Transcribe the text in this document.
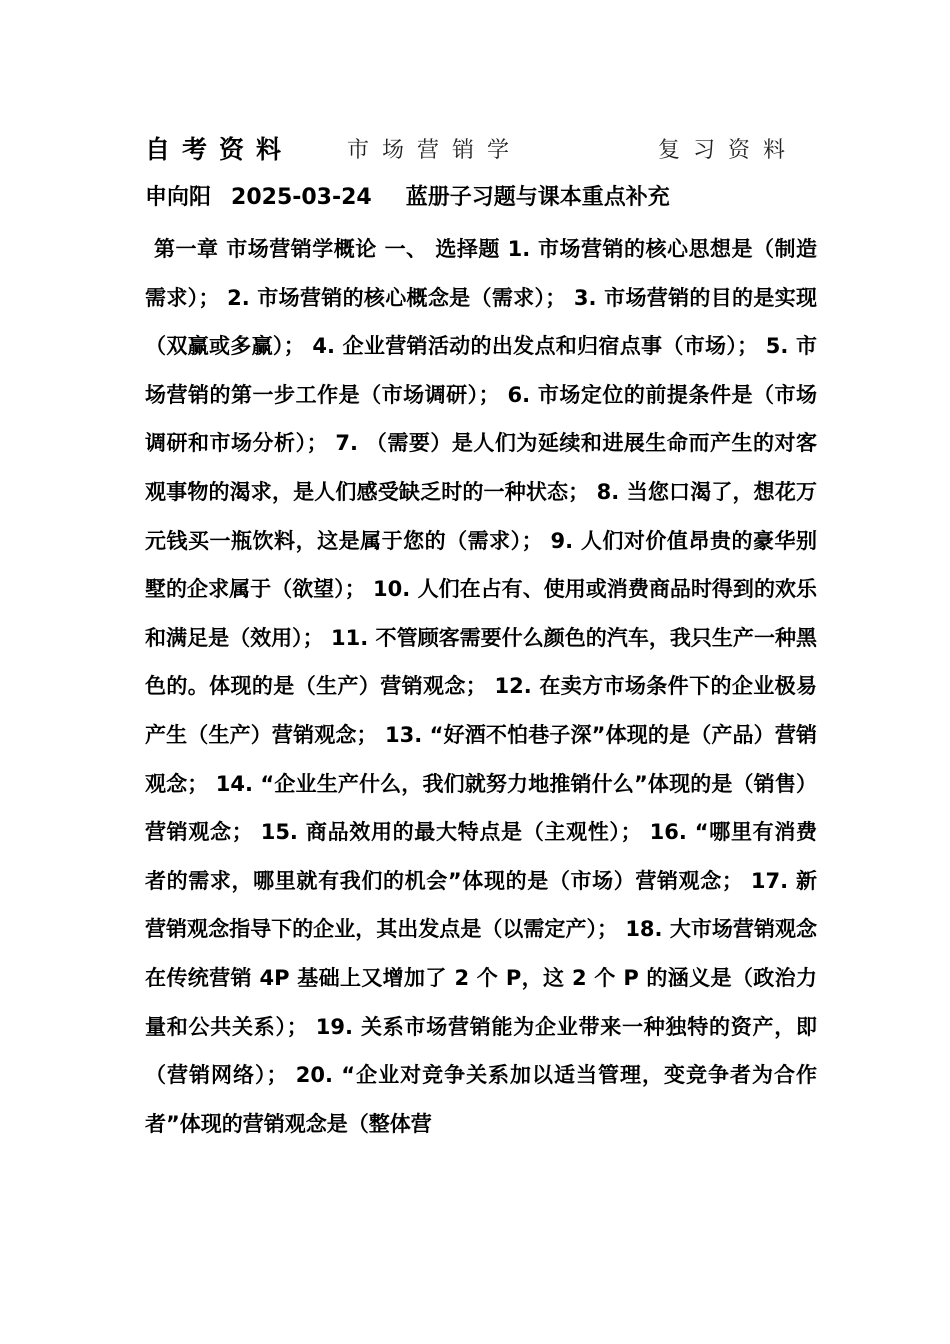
自考资料 市场营销学	复习资料
申向阳 2025-03-24 蓝册子习题与课本重点补充

第一章 市场营销学概论 一、 选择题 1. 市场营销的核心思想是（制造需求）； 2. 市场营销的核心概念是（需求）； 3. 市场营销的目的是实现（双赢或多赢）； 4. 企业营销活动的出发点和归宿点事（市场）； 5. 市场营销的第一步工作是（市场调研）； 6. 市场定位的前提条件是（市场调研和市场分析）； 7. （需要）是人们为延续和进展生命而产生的对客观事物的渴求，是人们感受缺乏时的一种状态； 8. 当您口渴了，想花万元钱买一瓶饮料，这是属于您的（需求）； 9. 人们对价值昂贵的豪华别墅的企求属于（欲望）； 10. 人们在占有、使用或消费商品时得到的欢乐和满足是（效用）； 11. 不管顾客需要什么颜色的汽车，我只生产一种黑色的。体现的是（生产）营销观念； 12. 在卖方市场条件下的企业极易产生（生产）营销观念； 13. “好酒不怕巷子深”体现的是（产品）营销观念； 14. “企业生产什么，我们就努力地推销什么”体现的是（销售）营销观念； 15. 商品效用的最大特点是（主观性）； 16. “哪里有消费者的需求，哪里就有我们的机会”体现的是（市场）营销观念； 17. 新营销观念指导下的企业，其出发点是（以需定产）； 18. 大市场营销观念在传统营销 4P 基础上又增加了 2 个 P，这 2 个 P 的涵义是（政治力量和公共关系）； 19. 关系市场营销能为企业带来一种独特的资产，即（营销网络）； 20. “企业对竞争关系加以适当管理，变竞争者为合作者”体现的营销观念是（整体营
